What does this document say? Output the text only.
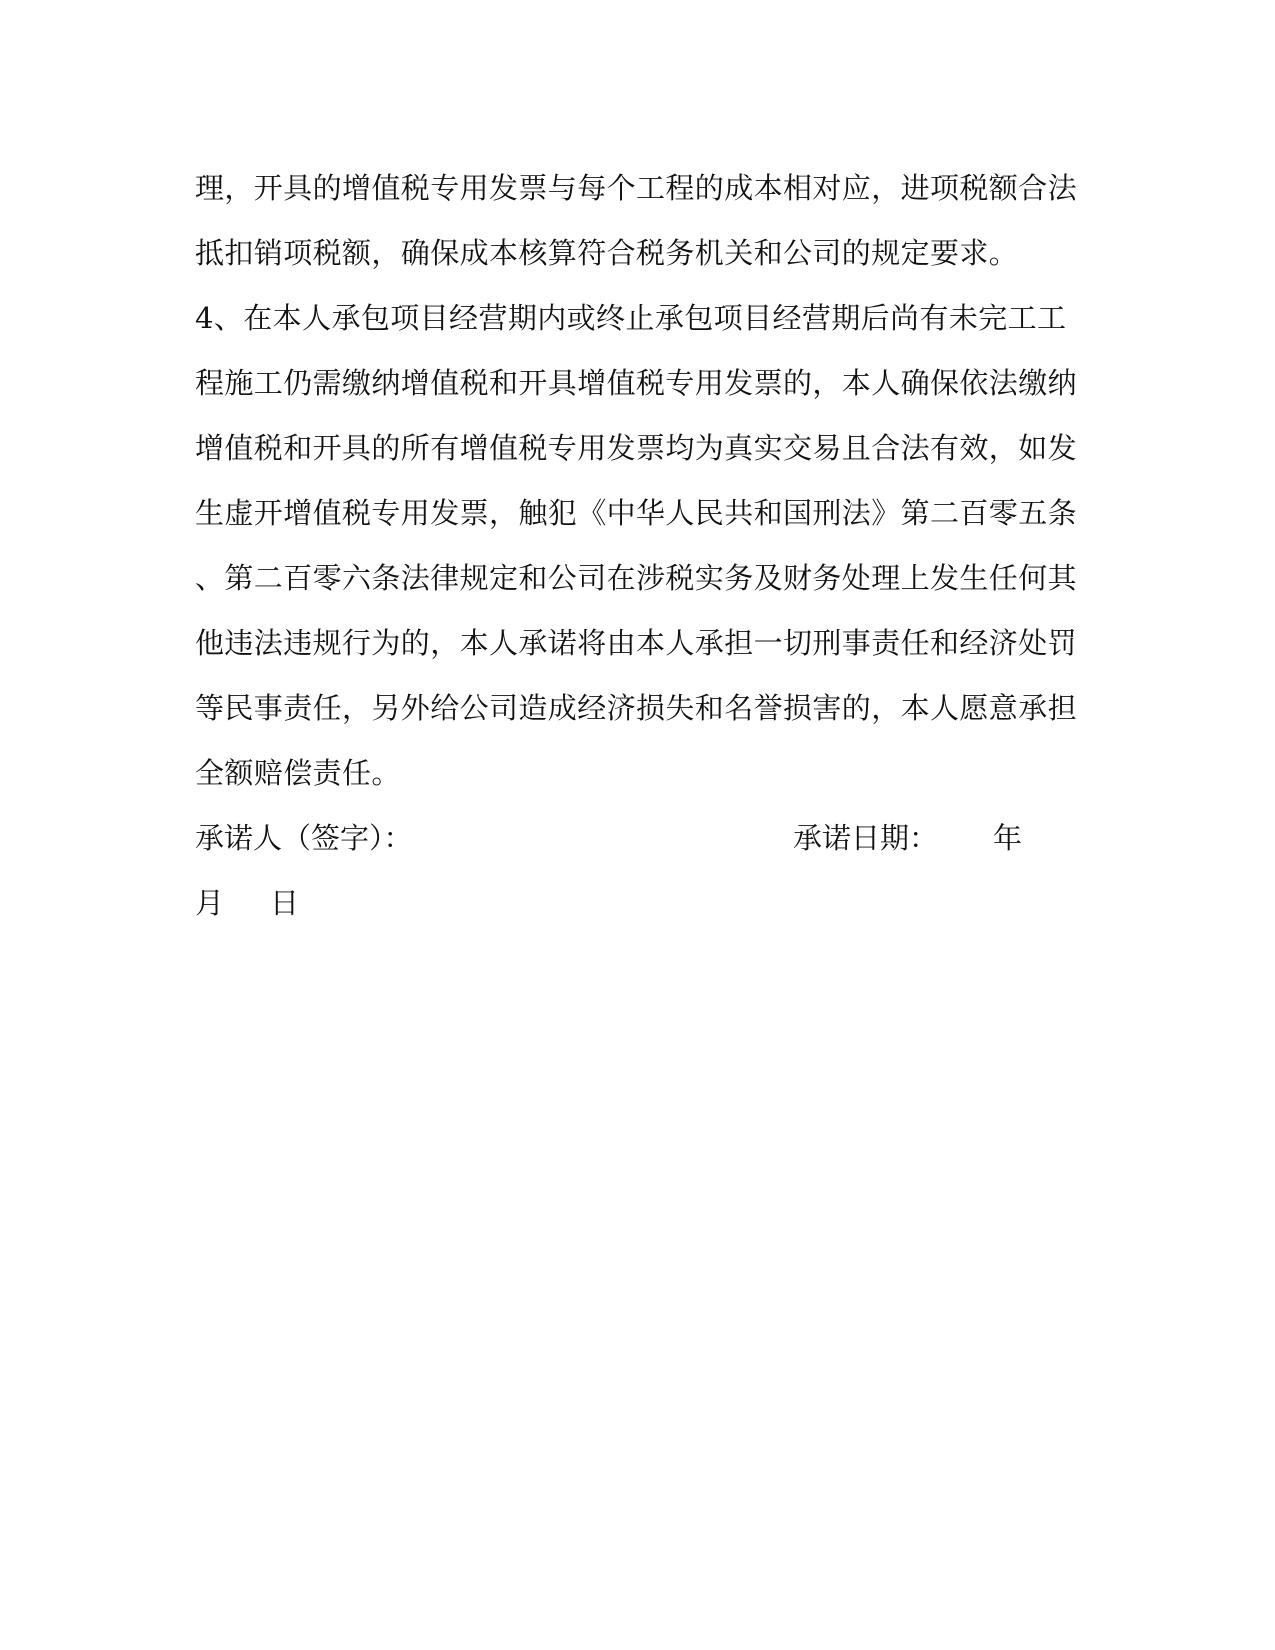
理，开具的增值税专用发票与每个工程的成本相对应，进项税额合法
抵扣销项税额，确保成本核算符合税务机关和公司的规定要求。
4、在本人承包项目经营期内或终止承包项目经营期后尚有未完工工
程施工仍需缴纳增值税和开具增值税专用发票的，本人确保依法缴纳
增值税和开具的所有增值税专用发票均为真实交易且合法有效，如发
生虚开增值税专用发票，触犯《中华人民共和国刑法》第二百零五条
、第二百零六条法律规定和公司在涉税实务及财务处理上发生任何其
他违法违规行为的，本人承诺将由本人承担一切刑事责任和经济处罚
等民事责任，另外给公司造成经济损失和名誉损害的，本人愿意承担
全额赔偿责任。
承诺人（签字）：	承诺日期： 年
月 日
